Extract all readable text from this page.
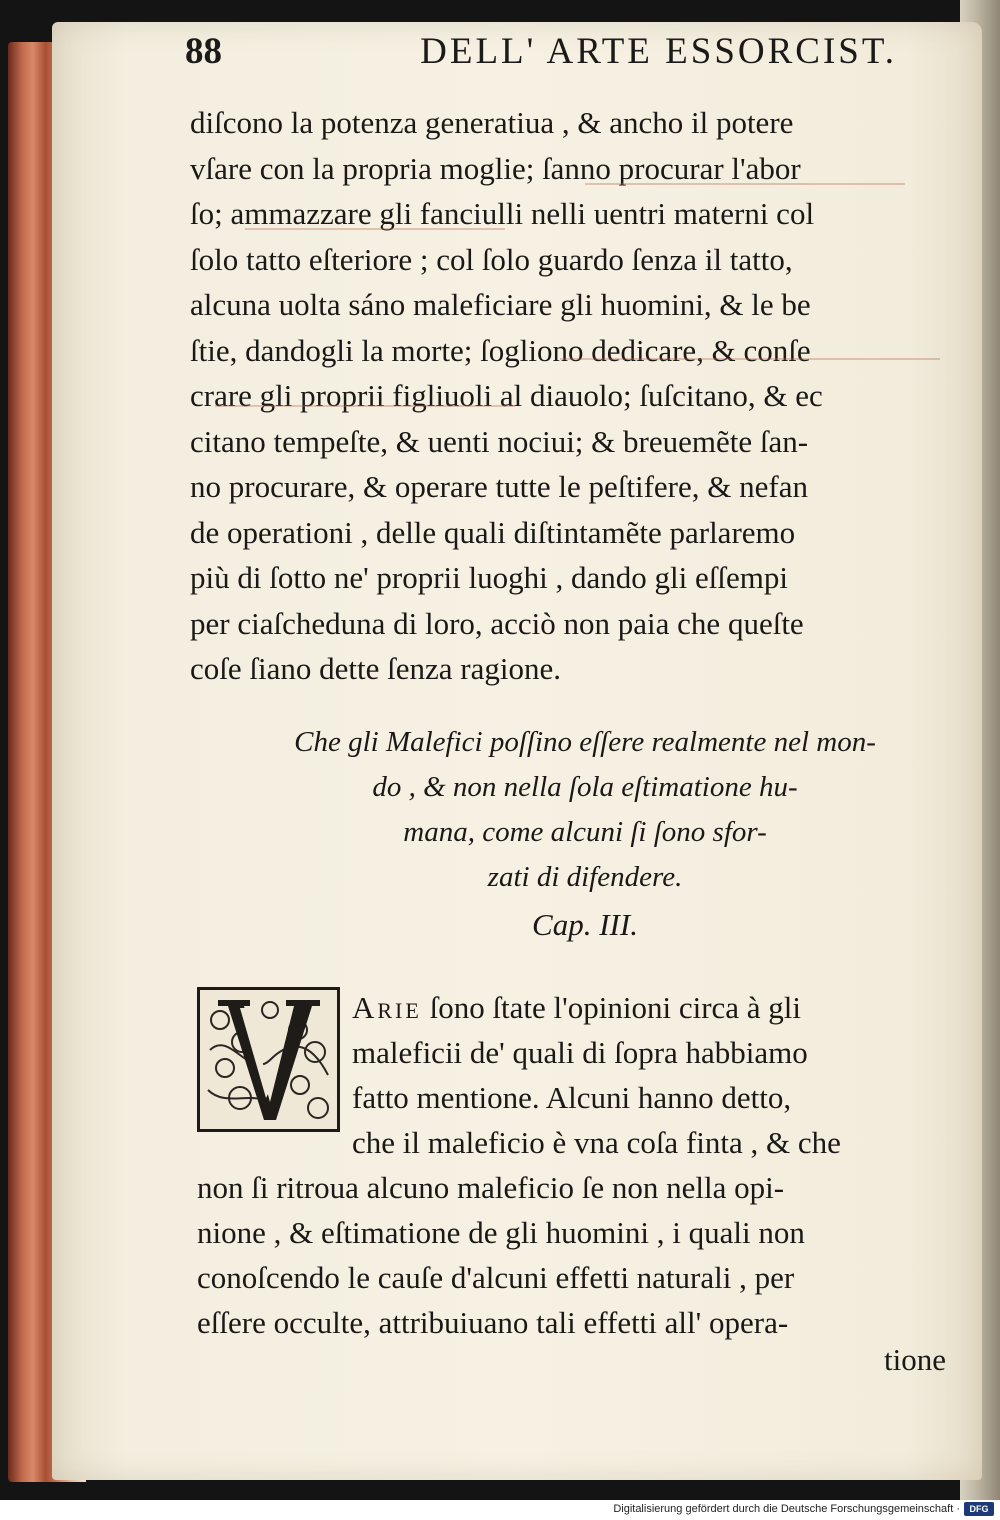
88	DELL' ARTE ESSORCIST.
diſcono la potenza generatiua , & ancho il potere
vſare con la propria moglie; ſanno procurar l'abor
ſo; ammazzare gli fanciulli nelli uentri materni col
ſolo tatto eſteriore ; col ſolo guardo ſenza il tatto,
alcuna uolta sáno maleficiare gli huomini, & le be
ſtie, dandogli la morte; ſogliono dedicare, & conſe
crare gli proprii figliuoli al diauolo; ſuſcitano, & ec
citano tempeſte, & uenti nociui; & breuemẽte ſan-
no procurare, & operare tutte le peſtifere, & nefan
de operationi , delle quali diſtintamẽte parlaremo
più di ſotto ne' proprii luoghi , dando gli eſſempi
per ciaſcheduna di loro, acciò non paia che queſte
coſe ſiano dette ſenza ragione.
Che gli Malefici poſſino eſſere realmente nel mon-
do , & non nella ſola eſtimatione hu-
mana, come alcuni ſi ſono sfor-
zati di difendere.
Cap. III.
Arie ſono ſtate l'opinioni circa à gli
maleficii de' quali di ſopra habbiamo
fatto mentione. Alcuni hanno detto,
che il maleficio è vna coſa finta , & che
non ſi ritroua alcuno maleficio ſe non nella opi-
nione , & eſtimatione de gli huomini , i quali non
conoſcendo le cauſe d'alcuni effetti naturali , per
eſſere occulte, attribuiuano tali effetti all' opera-
tione
Digitalisierung gefördert durch die Deutsche Forschungsgemeinschaft ·	DFG
